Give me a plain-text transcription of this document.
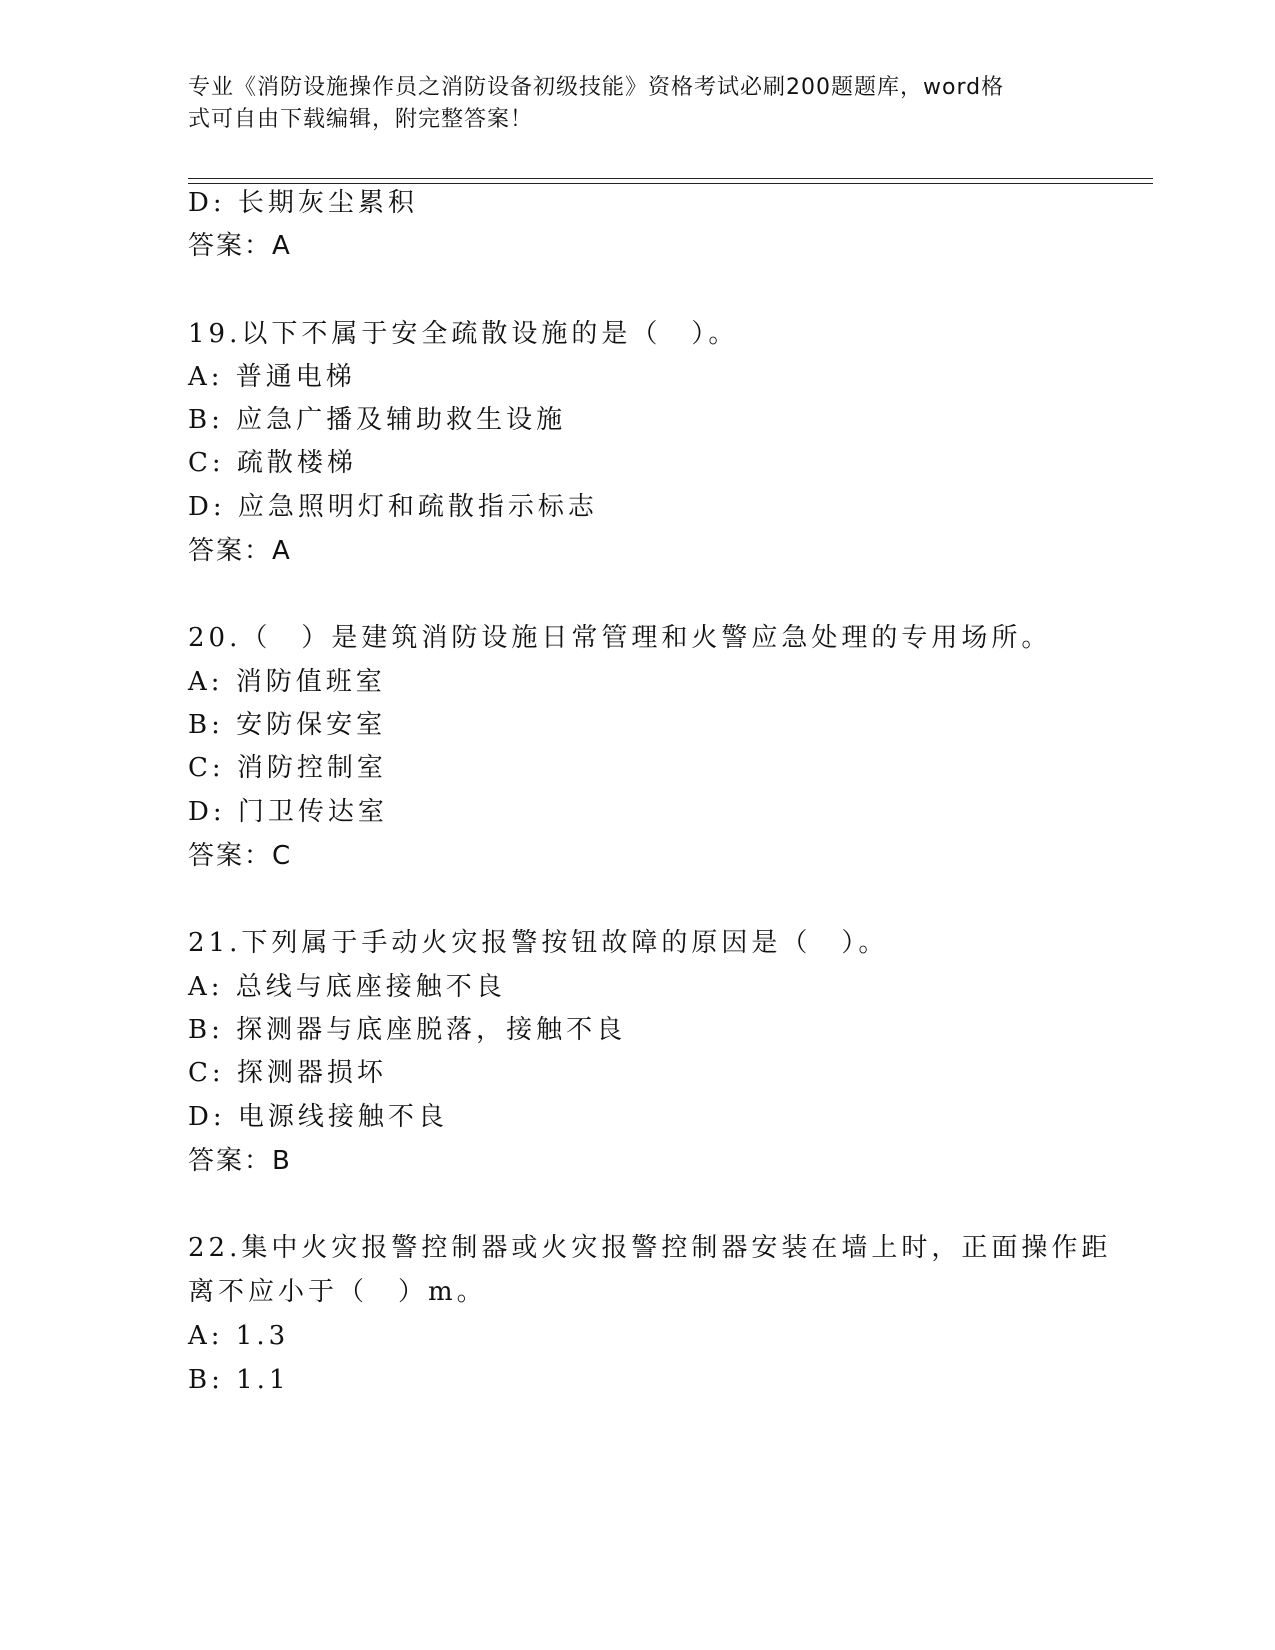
专业《消防设施操作员之消防设备初级技能》资格考试必刷200题题库，word格
式可自由下载编辑，附完整答案！
D: 长期灰尘累积
答案：A
19.以下不属于安全疏散设施的是（　）。
A: 普通电梯
B: 应急广播及辅助救生设施
C: 疏散楼梯
D: 应急照明灯和疏散指示标志
答案：A
20.（　）是建筑消防设施日常管理和火警应急处理的专用场所。
A: 消防值班室
B: 安防保安室
C: 消防控制室
D: 门卫传达室
答案：C
21.下列属于手动火灾报警按钮故障的原因是（　）。
A: 总线与底座接触不良
B: 探测器与底座脱落，接触不良
C: 探测器损坏
D: 电源线接触不良
答案：B
22.集中火灾报警控制器或火灾报警控制器安装在墙上时，正面操作距
离不应小于（　）m。
A: 1.3
B: 1.1
